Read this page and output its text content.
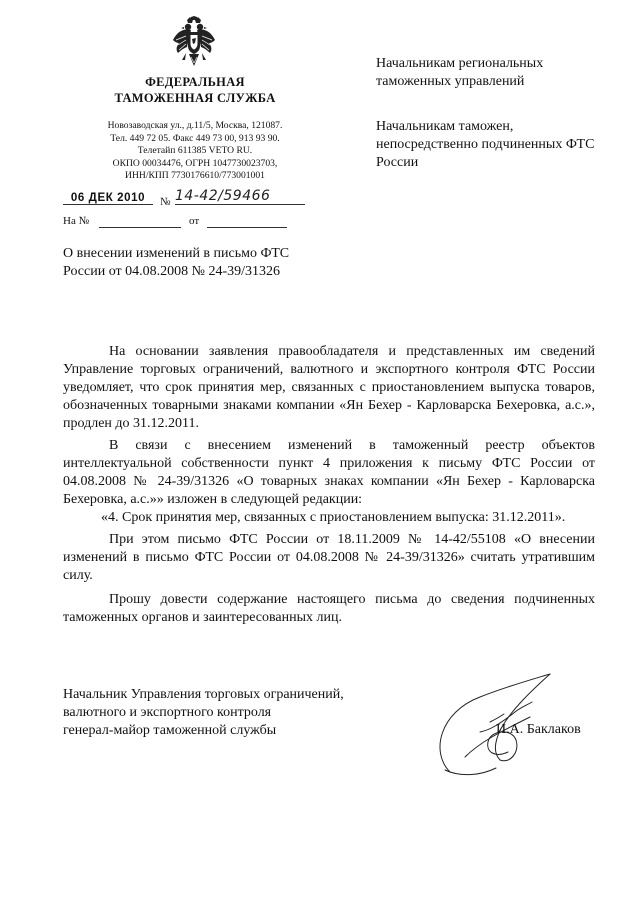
ФЕДЕРАЛЬНАЯ
ТАМОЖЕННАЯ СЛУЖБА
Новозаводская ул., д.11/5, Москва, 121087.
Тел. 449 72 05. Факс 449 73 00, 913 93 90.
Телетайп 611385 VETO RU.
ОКПО 00034476, ОГРН 1047730023703,
ИНН/КПП 7730176610/773001001
06 ДЕК 2010	№ 14-42/59466
На №	от
Начальникам региональных таможенных управлений
Начальникам таможен, непосредственно подчиненных ФТС России
О внесении изменений в письмо ФТС России от 04.08.2008 № 24-39/31326

На основании заявления правообладателя и представленных им сведений Управление торговых ограничений, валютного и экспортного контроля ФТС России уведомляет, что срок принятия мер, связанных с приостановлением выпуска товаров, обозначенных товарными знаками компании «Ян Бехер - Карловарска Бехеровка, а.с.», продлен до 31.12.2011.

В связи с внесением изменений в таможенный реестр объектов интеллектуальной собственности пункт 4 приложения к письму ФТС России от 04.08.2008 № 24-39/31326 «О товарных знаках компании «Ян Бехер - Карловарска Бехеровка, а.с.»» изложен в следующей редакции:

«4. Срок принятия мер, связанных с приостановлением выпуска: 31.12.2011».

При этом письмо ФТС России от 18.11.2009 № 14-42/55108 «О внесении изменений в письмо ФТС России от 04.08.2008 № 24-39/31326» считать утратившим силу.

Прошу довести содержание настоящего письма до сведения подчиненных таможенных органов и заинтересованных лиц.

Начальник Управления торговых ограничений,
валютного и экспортного контроля
генерал-майор таможенной службы	И.А. Баклаков
